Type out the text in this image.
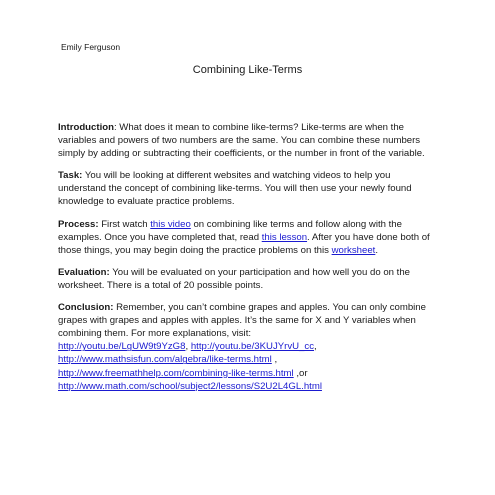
Emily Ferguson
Combining Like-Terms

Introduction: What does it mean to combine like-terms? Like-terms are when the variables and powers of two numbers are the same. You can combine these numbers simply by adding or subtracting their coefficients, or the number in front of the variable.

Task: You will be looking at different websites and watching videos to help you understand the concept of combining like-terms. You will then use your newly found knowledge to evaluate practice problems.

Process: First watch this video on combining like terms and follow along with the examples. Once you have completed that, read this lesson. After you have done both of those things, you may begin doing the practice problems on this worksheet.

Evaluation: You will be evaluated on your participation and how well you do on the worksheet. There is a total of 20 possible points.

Conclusion: Remember, you can’t combine grapes and apples. You can only combine grapes with grapes and apples with apples. It’s the same for X and Y variables when combining them. For more explanations, visit:
http://youtu.be/LgUW9t9YzG8, http://youtu.be/3KUJYrvU_cc,
http://www.mathsisfun.com/algebra/like-terms.html ,
http://www.freemathhelp.com/combining-like-terms.html ,or
http://www.math.com/school/subject2/lessons/S2U2L4GL.html
